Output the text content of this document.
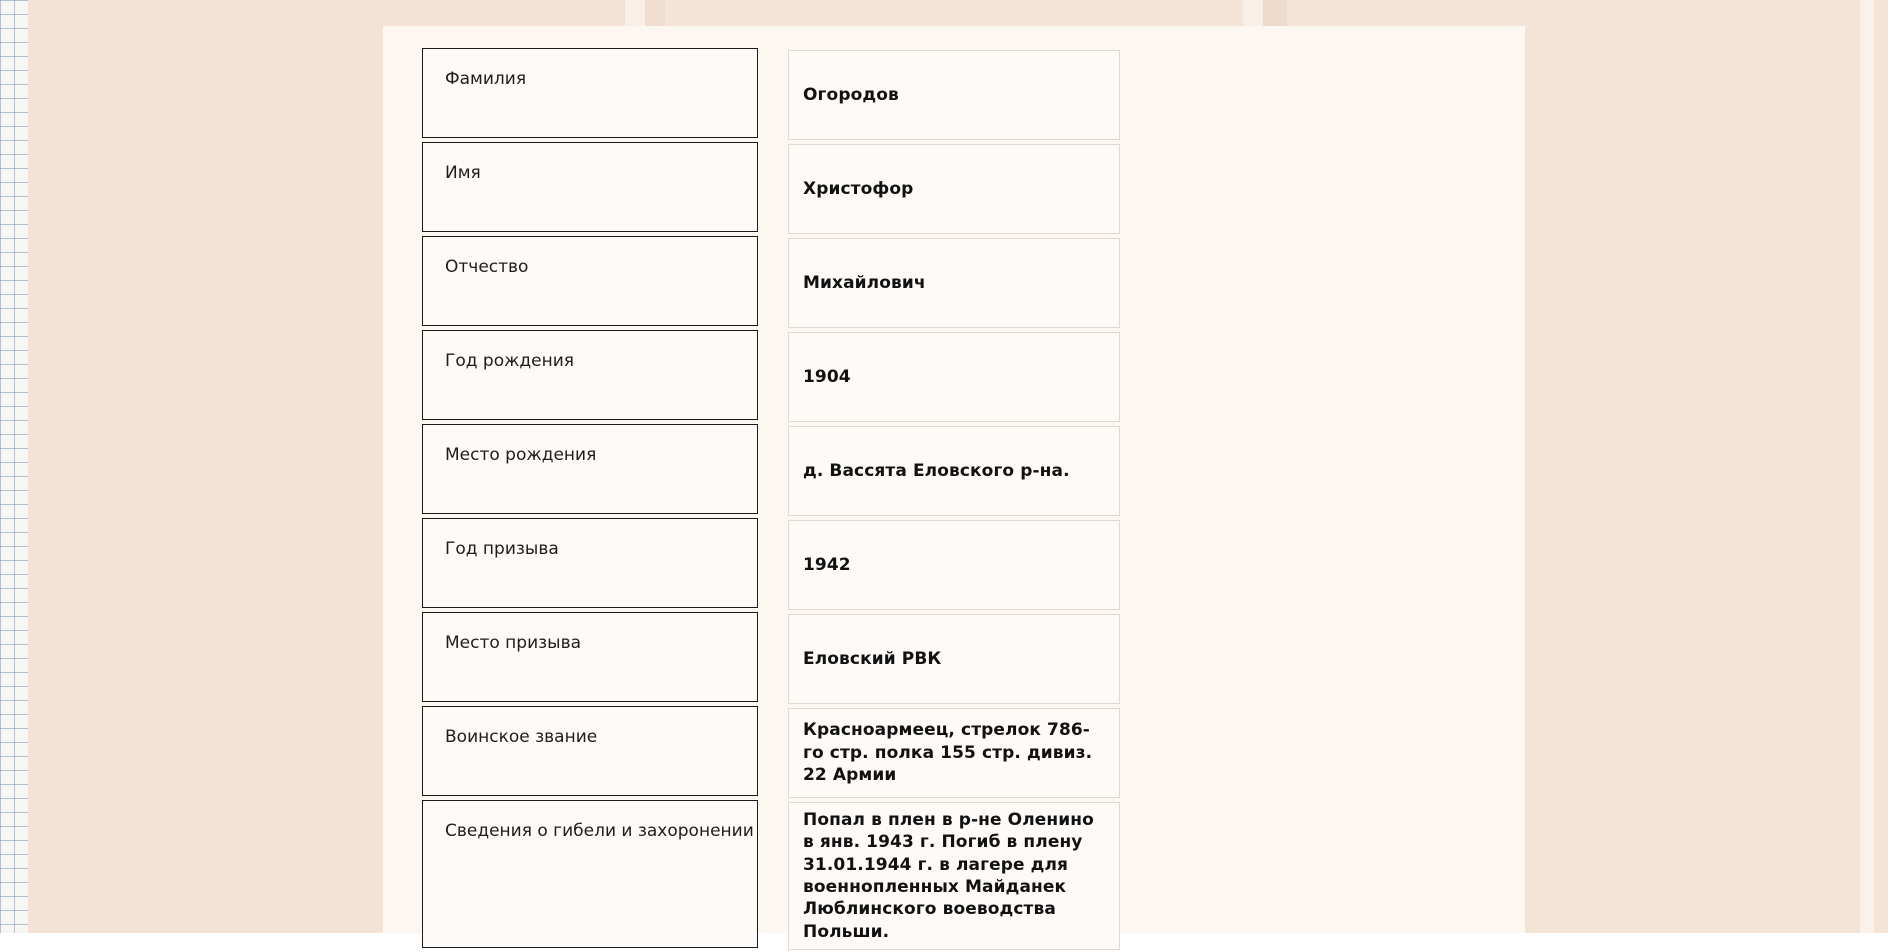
Фамилия
Огородов
Имя
Христофор
Отчество
Михайлович
Год рождения
1904
Место рождения
д. Вассята Еловского р-на.
Год призыва
1942
Место призыва
Еловский РВК
Воинское звание	Красноармеец, стрелок 786-го стр. полка 155 стр. дивиз. 22 Армии
Сведения о гибели и захоронении
Попал в плен в р-не Оленино в янв. 1943 г. Погиб в плену 31.01.1944 г. в лагере для военнопленных Майданек Люблинского воеводства Польши.
